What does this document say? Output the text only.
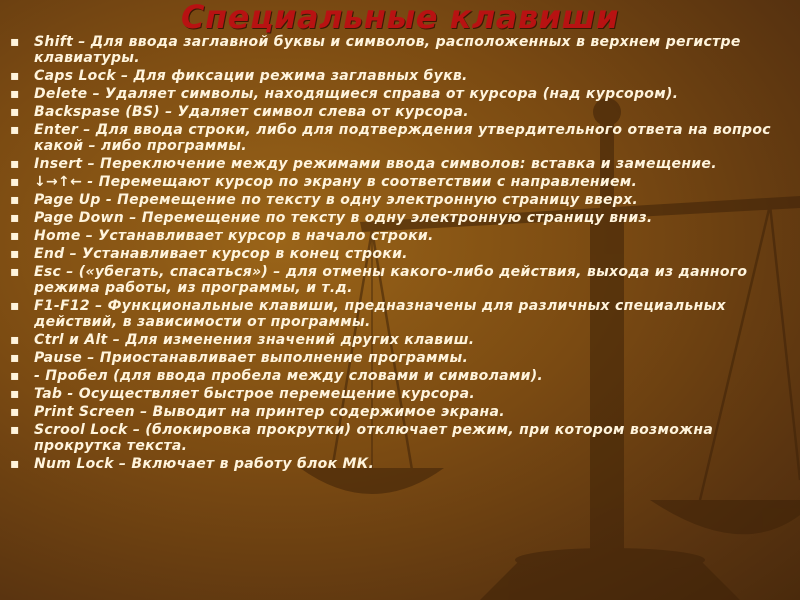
Специальные клавиши
▪ Shift – Для ввода заглавной буквы и символов, расположенных в верхнем регистре клавиатуры.
▪ Caps Lock – Для фиксации режима заглавных букв.
▪ Delete – Удаляет символы, находящиеся справа от курсора (над курсором).
▪ Backspase (BS) – Удаляет символ слева от курсора.
▪ Enter – Для ввода строки, либо для подтверждения утвердительного ответа на вопрос какой – либо программы.
▪ Insert – Переключение между режимами ввода символов: вставка и замещение.
▪ ↓→↑← - Перемещают курсор по экрану в соответствии с направлением.
▪ Page Up - Перемещение по тексту в одну электронную страницу вверх.
▪ Page Down – Перемещение по тексту в одну электронную страницу вниз.
▪ Home – Устанавливает курсор в начало строки.
▪ End – Устанавливает курсор в конец строки.
▪ Esc – («убегать, спасаться») – для отмены какого-либо действия, выхода из данного режима работы, из программы, и т.д.
▪ F1-F12 – Функциональные клавиши, предназначены для различных специальных действий, в зависимости от программы.
▪ Ctrl и Alt – Для изменения значений других клавиш.
▪ Pause – Приостанавливает выполнение программы.
▪ - Пробел (для ввода пробела между словами и символами).
▪ Tab - Осуществляет быстрое перемещение курсора.
▪ Print Screen – Выводит на принтер содержимое экрана.
▪ Scrool Lock – (блокировка прокрутки) отключает режим, при котором возможна прокрутка текста.
▪ Num Lock – Включает в работу блок МК.
